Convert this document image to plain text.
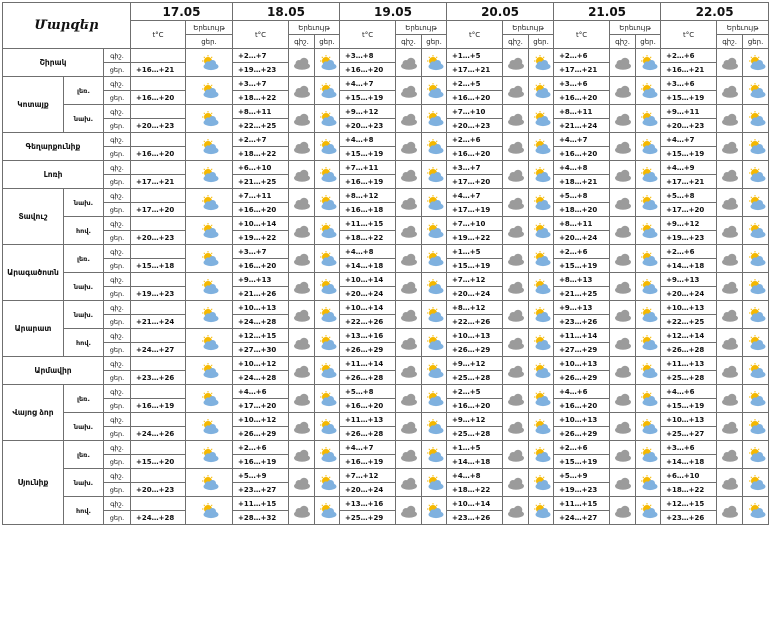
Մարզեր			17.05		18.05			19.05			20.05			21.05			22.05		
			t°C	Երեւույթ	t°C	Երեւույթ		t°C	Երեւույթ		t°C	Երեւույթ		t°C	Երեւույթ		t°C	Երեւույթ	
				ցեր.		գիշ.	ցեր.		գիշ.	ցեր.		գիշ.	ցեր.		գիշ.	ցեր.		գիշ.	ցեր.
Շիրակ		գիշ.			+2…+7			+3…+8			+1…+5			+2…+6			+2…+6	

		ցեր.	+16…+21		+19…+23			+16…+20			+17…+21			+17…+21			+16…+21		
Կոտայք	լեռ.	գիշ.			+3…+7			+4…+7			+2…+5			+3…+6			+3…+6	

		ցեր.	+16…+20		+18…+22			+15…+19			+16…+20			+16…+20			+15…+19		
	նախ.	գիշ.			+8…+11			+9…+12			+7…+10			+8…+11			+9…+11	

		ցեր.	+20…+23		+22…+25			+20…+23			+20…+23			+21…+24			+20…+23		
Գեղարքունիք		գիշ.			+2…+7			+4…+8			+2…+6			+4…+7			+4…+7	

		ցեր.	+16…+20		+18…+22			+15…+19			+16…+20			+16…+20			+15…+19		
Լոռի		գիշ.			+6…+10			+7…+11			+3…+7			+4…+8			+4…+9	

		ցեր.	+17…+21		+21…+25			+16…+19			+17…+20			+18…+21			+17…+21		
Տավուշ	նախ.	գիշ.			+7…+11			+8…+12			+4…+7			+5…+8			+5…+8	

		ցեր.	+17…+20		+16…+20			+16…+18			+17…+19			+18…+20			+17…+20		
	հով.	գիշ.			+10…+14			+11…+15			+7…+10			+8…+11			+9…+12	

		ցեր.	+20…+23		+19…+22			+18…+22			+19…+22			+20…+24			+19…+23		
Արագածոտն	լեռ.	գիշ.			+3…+7			+4…+8			+1…+5			+2…+6			+2…+6	

		ցեր.	+15…+18		+16…+20			+14…+18			+15…+19			+15…+19			+14…+18		
	նախ.	գիշ.			+9…+13			+10…+14			+7…+12			+8…+13			+9…+13	

		ցեր.	+19…+23		+21…+26			+20…+24			+20…+24			+21…+25			+20…+24		
Արարատ	նախ.	գիշ.			+10…+13			+10…+14			+8…+12			+9…+13			+10…+13	

		ցեր.	+21…+24		+24…+28			+22…+26			+22…+26			+23…+26			+22…+25		
	հով.	գիշ.			+12…+15			+13…+16			+10…+13			+11…+14			+12…+14	

		ցեր.	+24…+27		+27…+30			+26…+29			+26…+29			+27…+29			+26…+28		
Արմավիր		գիշ.			+10…+12			+11…+14			+9…+12			+10…+13			+11…+13	

		ցեր.	+23…+26		+24…+28			+26…+28			+25…+28			+26…+29			+25…+28		
Վայոց ձոր	լեռ.	գիշ.			+4…+6			+5…+8			+2…+5			+4…+6			+4…+6	

		ցեր.	+16…+19		+17…+20			+16…+20			+16…+20			+16…+20			+15…+19		
	նախ.	գիշ.			+10…+12			+11…+13			+9…+12			+10…+13			+10…+13	

		ցեր.	+24…+26		+26…+29			+26…+28			+25…+28			+26…+29			+25…+27		
Սյունիք	լեռ.	գիշ.			+2…+6			+4…+7			+1…+5			+2…+6			+3…+6	

		ցեր.	+15…+20		+16…+19			+16…+19			+14…+18			+15…+19			+14…+18		
	նախ.	գիշ.			+5…+9			+7…+12			+4…+8			+5…+9			+6…+10	

		ցեր.	+20…+23		+23…+27			+20…+24			+18…+22			+19…+23			+18…+22		
	հով.	գիշ.			+11…+15			+13…+16			+10…+14			+11…+15			+12…+15	

		ցեր.	+24…+28		+28…+32			+25…+29			+23…+26			+24…+27			+23…+26		
